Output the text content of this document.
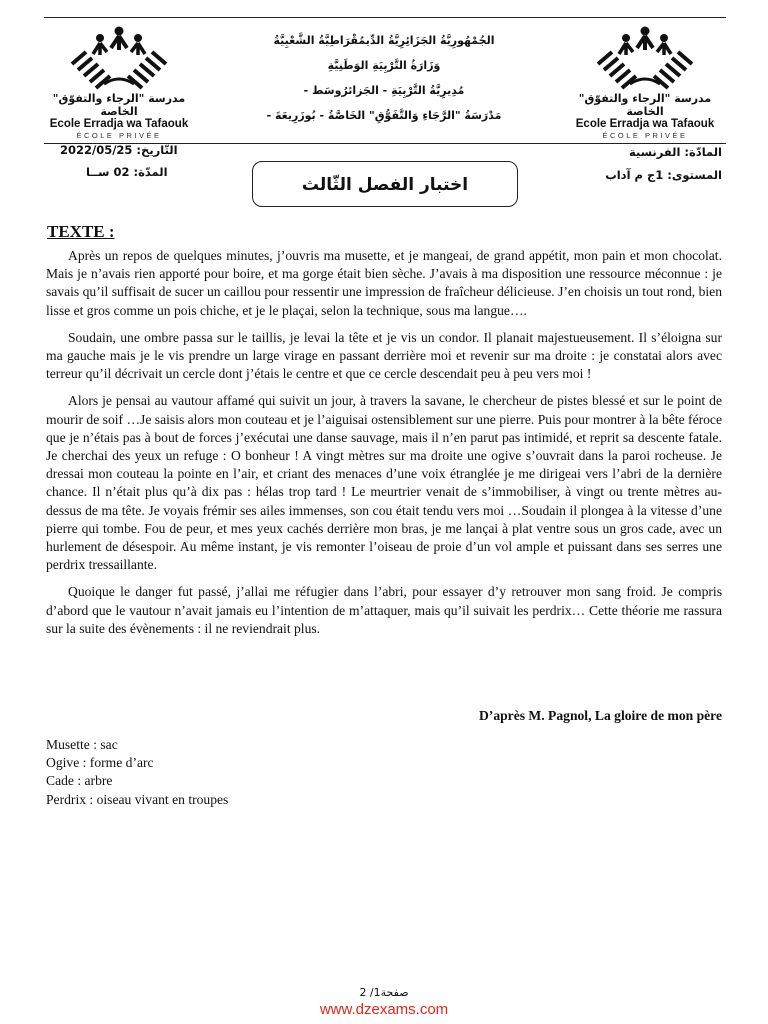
مدرسة "الرجاء والتفوّق" الخاصة
Ecole Erradja wa Tafaouk
ÉCOLE PRIVÉE
مدرسة "الرجاء والتفوّق" الخاصة
Ecole Erradja wa Tafaouk
ÉCOLE PRIVÉE
الجُمْهُورِيَّةُ الجَزَائِرِيَّةُ الدِّيمُقْرَاطِيَّةُ الشَّعْبِيَّةُ
وَزَارَةُ التَّرْبِيَةِ الوَطَنِيَّةِ
مُدِيرِيَّةُ التَّرْبِيَةِ - الجَزائرُوسَط -
مَدْرَسَةُ "الرَّجَاءِ وَالتَّفَوُّقِ" الخَاصَّةُ - بُوزَرِيعَةَ -
التّاريخ: 2022/05/25
المدّة: 02 ســا
المادّة: الفرنسية
المستوى: 1ج م آداب
اختبار الفصل الثّالث
TEXTE :

Après un repos de quelques minutes, j’ouvris ma musette, et je mangeai, de grand appétit, mon pain et mon chocolat. Mais je n’avais rien apporté pour boire, et ma gorge était bien sèche. J’avais à ma disposition une ressource méconnue : je savais qu’il suffisait de sucer un caillou pour ressentir une impression de fraîcheur délicieuse. J’en choisis un tout rond, bien lisse et gros comme un pois chiche, et je le plaçai, selon la technique, sous ma langue….

Soudain, une ombre passa sur le taillis, je levai la tête et je vis un condor. Il planait majestueusement. Il s’éloigna sur ma gauche mais je le vis prendre un large virage en passant derrière moi et revenir sur ma droite : je constatai alors avec terreur qu’il décrivait un cercle dont j’étais le centre et que ce cercle descendait peu à peu vers moi !

Alors je pensai au vautour affamé qui suivit un jour, à travers la savane, le chercheur de pistes blessé et sur le point de mourir de soif …Je saisis alors mon couteau et je l’aiguisai ostensiblement sur une pierre. Puis pour montrer à la bête féroce que je n’étais pas à bout de forces j’exécutai une danse sauvage, mais il n’en parut pas intimidé, et reprit sa descente fatale. Je cherchai des yeux un refuge : O bonheur ! A vingt mètres sur ma droite une ogive s’ouvrait dans la paroi rocheuse. Je dressai mon couteau la pointe en l’air, et criant des menaces d’une voix étranglée je me dirigeai vers l’abri de la dernière chance. Il n’était plus qu’à dix pas : hélas trop tard ! Le meurtrier venait de s’immobiliser, à vingt ou trente mètres au-dessus de ma tête. Je voyais frémir ses ailes immenses, son cou était tendu vers moi …Soudain il plongea à la vitesse d’une pierre qui tombe. Fou de peur, et mes yeux cachés derrière mon bras, je me lançai à plat ventre sous un gros cade, avec un hurlement de désespoir. Au même instant, je vis remonter l’oiseau de proie d’un vol ample et puissant dans ses serres une perdrix tressaillante.

Quoique le danger fut passé, j’allai me réfugier dans l’abri, pour essayer d’y retrouver mon sang froid. Je compris d’abord que le vautour n’avait jamais eu l’intention de m’attaquer, mais qu’il suivait les perdrix… Cette théorie me rassura sur la suite des évènements : il ne reviendrait plus.

D’après M. Pagnol, La gloire de mon père
Musette : sac
Ogive : forme d’arc
Cade : arbre
Perdrix : oiseau vivant en troupes
صفحة1/ 2
www.dzexams.com
